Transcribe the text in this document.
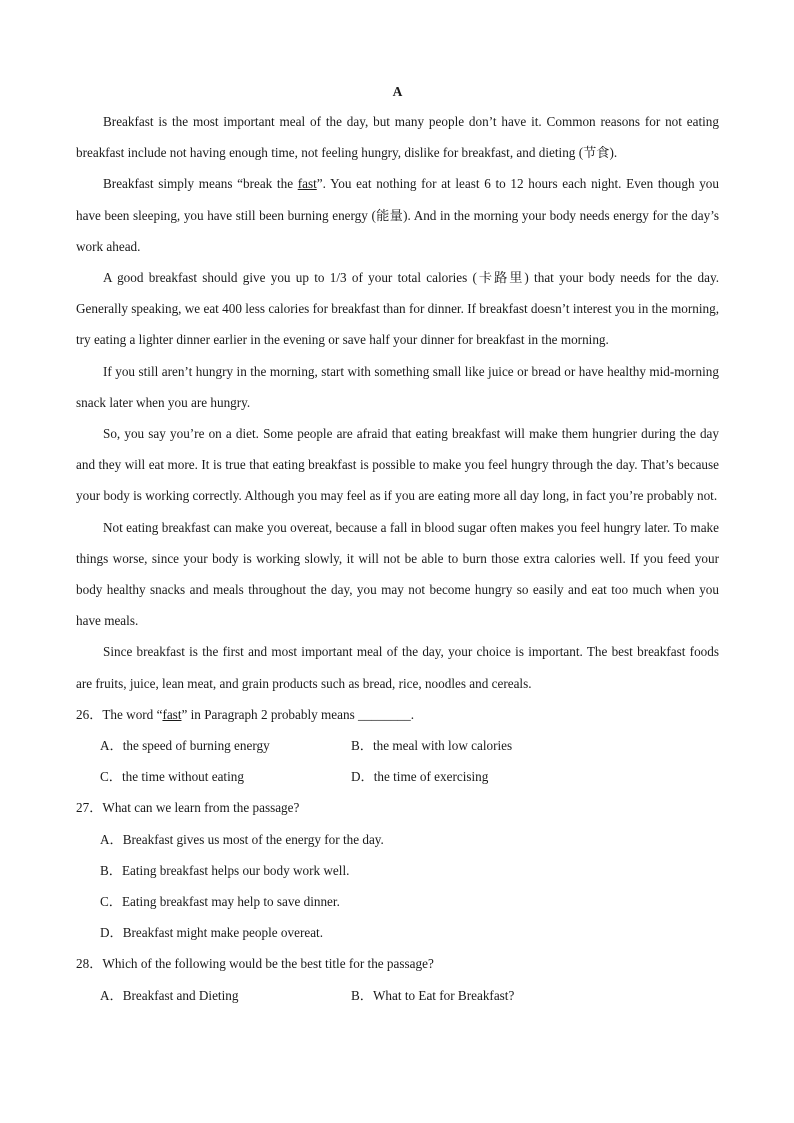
A

Breakfast is the most important meal of the day, but many people don’t have it. Common reasons for not eating breakfast include not having enough time, not feeling hungry, dislike for breakfast, and dieting (节食).

Breakfast simply means “break the fast”. You eat nothing for at least 6 to 12 hours each night. Even though you have been sleeping, you have still been burning energy (能量). And in the morning your body needs energy for the day’s work ahead.

A good breakfast should give you up to 1/3 of your total calories (卡路里) that your body needs for the day. Generally speaking, we eat 400 less calories for breakfast than for dinner. If breakfast doesn’t interest you in the morning, try eating a lighter dinner earlier in the evening or save half your dinner for breakfast in the morning.

If you still aren’t hungry in the morning, start with something small like juice or bread or have healthy mid-morning snack later when you are hungry.

So, you say you’re on a diet. Some people are afraid that eating breakfast will make them hungrier during the day and they will eat more. It is true that eating breakfast is possible to make you feel hungry through the day. That’s because your body is working correctly. Although you may feel as if you are eating more all day long, in fact you’re probably not.

Not eating breakfast can make you overeat, because a fall in blood sugar often makes you feel hungry later. To make things worse, since your body is working slowly, it will not be able to burn those extra calories well. If you feed your body healthy snacks and meals throughout the day, you may not become hungry so easily and eat too much when you have meals.

Since breakfast is the first and most important meal of the day, your choice is important. The best breakfast foods are fruits, juice, lean meat, and grain products such as bread, rice, noodles and cereals.

26．The word “fast” in Paragraph 2 probably means ________.
A．the speed of burning energy	B．the meal with low calories
C．the time without eating	D．the time of exercising
27．What can we learn from the passage?
A．Breakfast gives us most of the energy for the day.
B．Eating breakfast helps our body work well.
C．Eating breakfast may help to save dinner.
D．Breakfast might make people overeat.
28．Which of the following would be the best title for the passage?
A．Breakfast and Dieting	B．What to Eat for Breakfast?
